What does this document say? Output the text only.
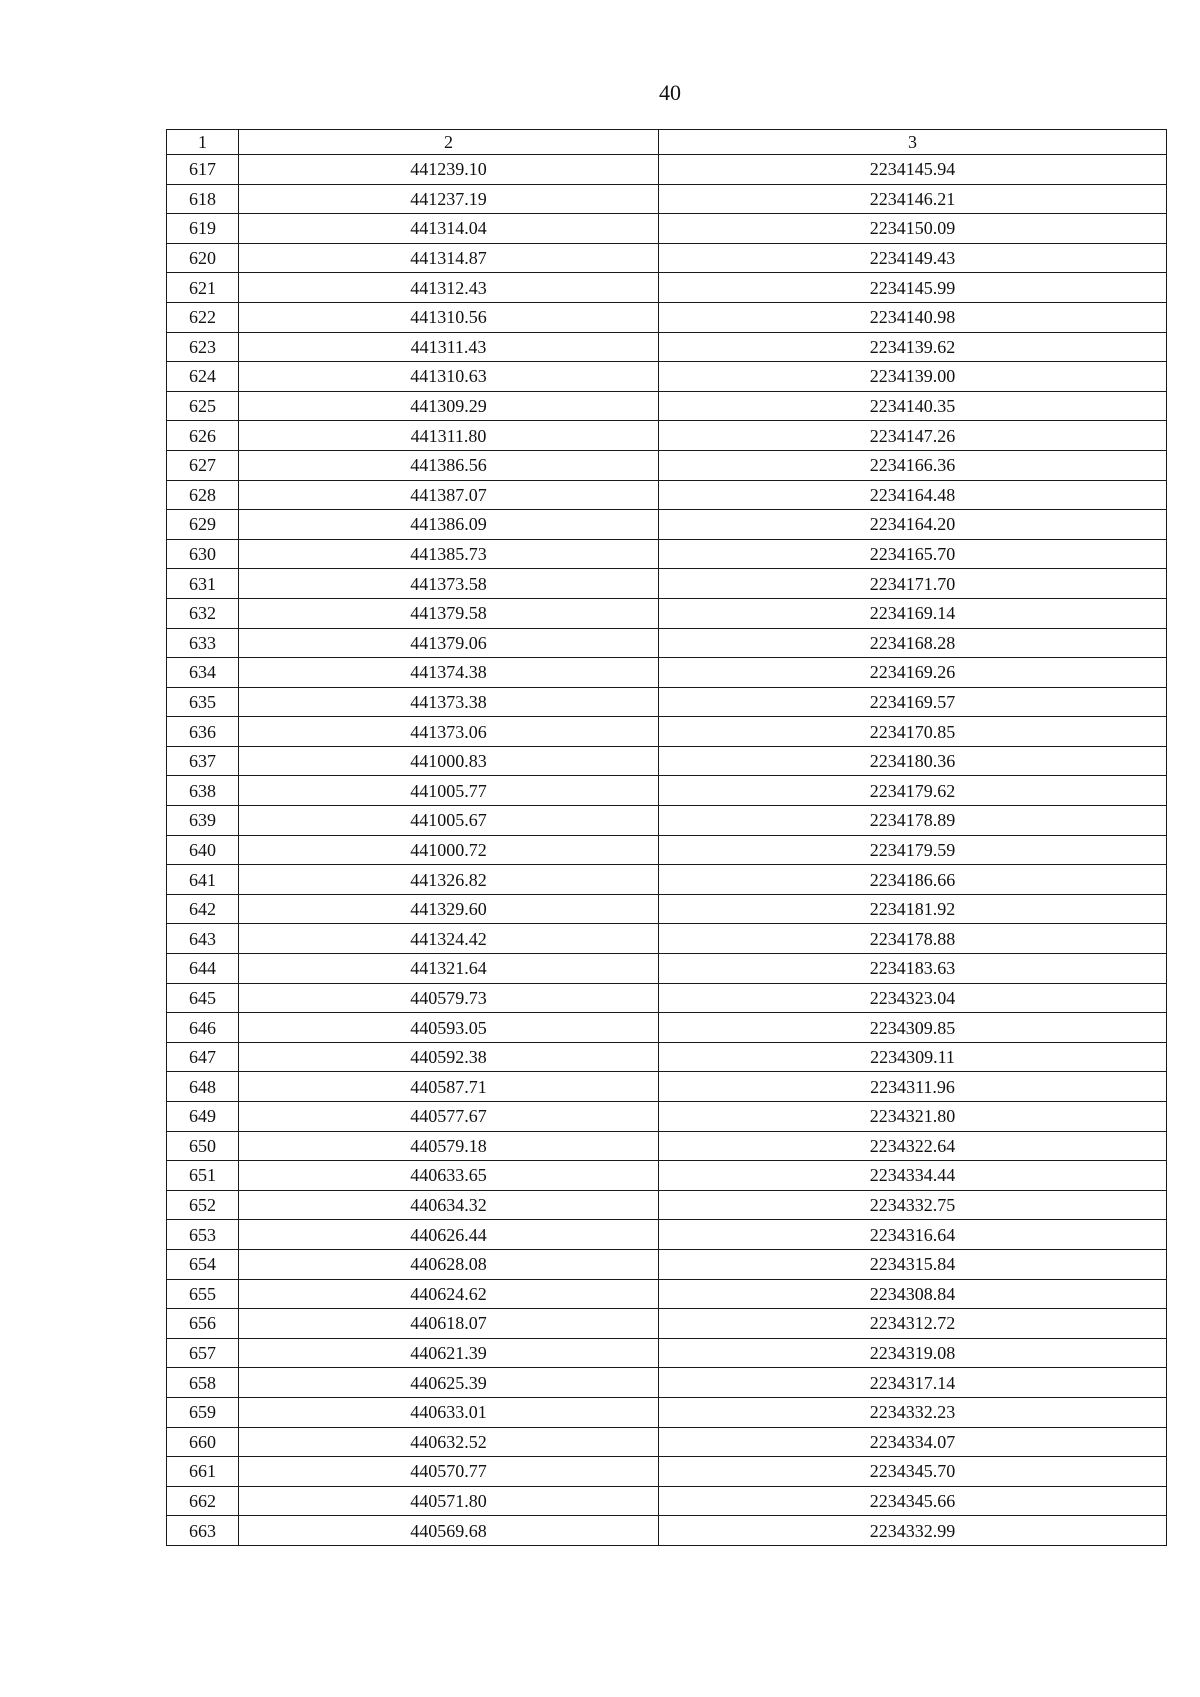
40
1	2	3
617	441239.10	2234145.94
618	441237.19	2234146.21
619	441314.04	2234150.09
620	441314.87	2234149.43
621	441312.43	2234145.99
622	441310.56	2234140.98
623	441311.43	2234139.62
624	441310.63	2234139.00
625	441309.29	2234140.35
626	441311.80	2234147.26
627	441386.56	2234166.36
628	441387.07	2234164.48
629	441386.09	2234164.20
630	441385.73	2234165.70
631	441373.58	2234171.70
632	441379.58	2234169.14
633	441379.06	2234168.28
634	441374.38	2234169.26
635	441373.38	2234169.57
636	441373.06	2234170.85
637	441000.83	2234180.36
638	441005.77	2234179.62
639	441005.67	2234178.89
640	441000.72	2234179.59
641	441326.82	2234186.66
642	441329.60	2234181.92
643	441324.42	2234178.88
644	441321.64	2234183.63
645	440579.73	2234323.04
646	440593.05	2234309.85
647	440592.38	2234309.11
648	440587.71	2234311.96
649	440577.67	2234321.80
650	440579.18	2234322.64
651	440633.65	2234334.44
652	440634.32	2234332.75
653	440626.44	2234316.64
654	440628.08	2234315.84
655	440624.62	2234308.84
656	440618.07	2234312.72
657	440621.39	2234319.08
658	440625.39	2234317.14
659	440633.01	2234332.23
660	440632.52	2234334.07
661	440570.77	2234345.70
662	440571.80	2234345.66
663	440569.68	2234332.99
